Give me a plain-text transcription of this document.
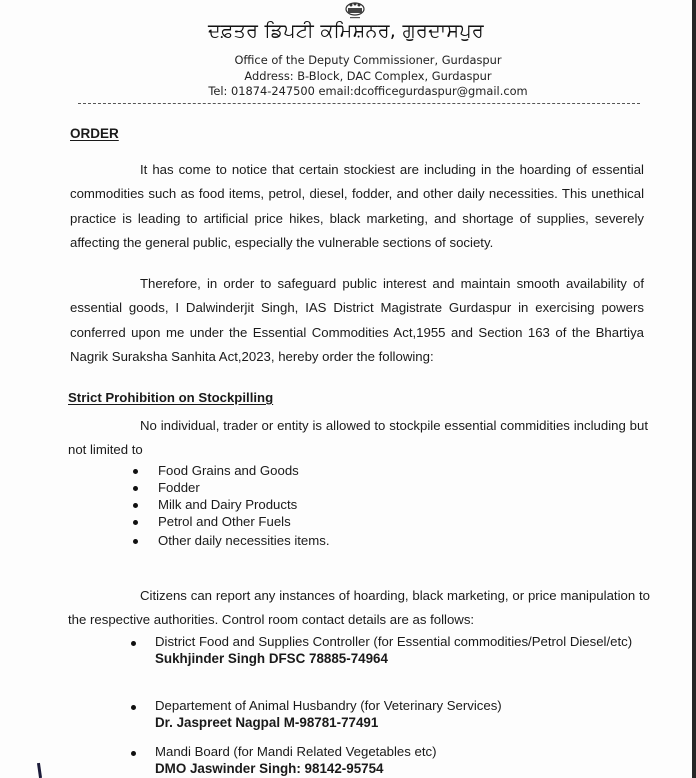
ਦਫ਼ਤਰ ਡਿਪਟੀ ਕਮਿਸ਼ਨਰ, ਗੁਰਦਾਸਪੁਰ
Office of the Deputy Commissioner, Gurdaspur
Address: B-Block, DAC Complex, Gurdaspur
Tel: 01874-247500 email:dcofficegurdaspur@gmail.com
ORDER
It has come to notice that certain stockiest are including in the hoarding of essential commodities such as food items, petrol, diesel, fodder, and other daily necessities. This unethical practice is leading to artificial price hikes, black marketing, and shortage of supplies, severely affecting the general public, especially the vulnerable sections of society.
Therefore, in order to safeguard public interest and maintain smooth availability of essential goods, I Dalwinderjit Singh, IAS District Magistrate Gurdaspur in exercising powers conferred upon me under the Essential Commodities Act,1955 and Section 163 of the Bhartiya Nagrik Suraksha Sanhita Act,2023, hereby order the following:
Strict Prohibition on Stockpilling
No individual, trader or entity is allowed to stockpile essential commidities including but not limited to
Food Grains and Goods
Fodder
Milk and Dairy Products
Petrol and Other Fuels
Other daily necessities items.
Citizens can report any instances of hoarding, black marketing, or price manipulation to the respective authorities. Control room contact details are as follows:
District Food and Supplies Controller (for Essential commodities/Petrol Diesel/etc)
Sukhjinder Singh DFSC 78885-74964
Departement of Animal Husbandry (for Veterinary Services)
Dr. Jaspreet Nagpal M-98781-77491
Mandi Board (for Mandi Related Vegetables etc)
DMO Jaswinder Singh: 98142-95754
